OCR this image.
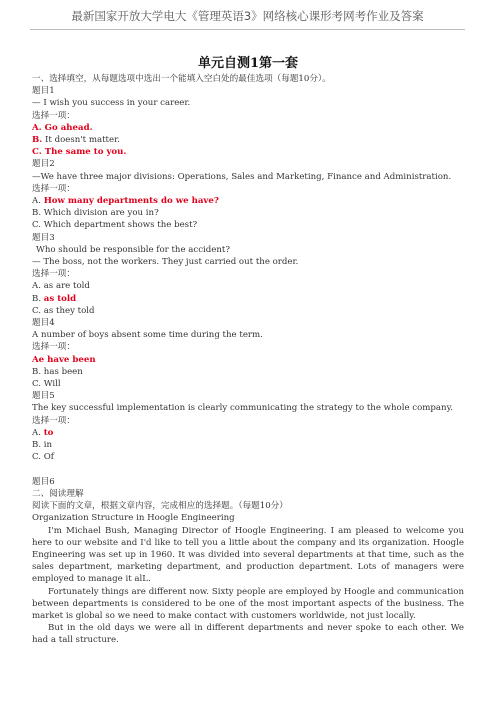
最新国家开放大学电大《管理英语3》网络核心课形考网考作业及答案
单元自测1第一套
一、选择填空，从每题选项中选出一个能填入空白处的最佳选项（每题10分）。
题目1
— I wish you success in your career.
选择一项：
A. Go ahead.
B. It doesn't matter.
C. The same to you.
题目2
—We have three major divisions: Operations, Sales and Marketing, Finance and Administration.
选择一项：
A. How many departments do we have?
B. Which division are you in?
C. Which department shows the best?
题目3
Who should be responsible for the accident?
— The boss, not the workers. They just carried out the order.
选择一项：
A. as are told
B. as told
C. as they told
题目4
A number of boys absent some time during the term.
选择一项：
Ae have been
B. has been
C. Will
题目5
The key successful implementation is clearly communicating the strategy to the whole company.
选择一项：
A. to
B. in
C. Of
题目6
二、阅读理解
阅读下面的文章，根据文章内容，完成相应的选择题。（每题10分）
Organization Structure in Hoogle Engineering
I'm Michael Bush, Managing Director of Hoogle Engineering. I am pleased to welcome you here to our website and I'd like to tell you a little about the company and its organization. Hoogle Engineering was set up in 1960. It was divided into several departments at that time, such as the sales department, marketing department, and production department. Lots of managers were employed to manage it alL.
Fortunately things are different now. Sixty people are employed by Hoogle and communication between departments is considered to be one of the most important aspects of the business. The market is global so we need to make contact with customers worldwide, not just locally.
But in the old days we were all in different departments and never spoke to each other. We had a tall structure.
